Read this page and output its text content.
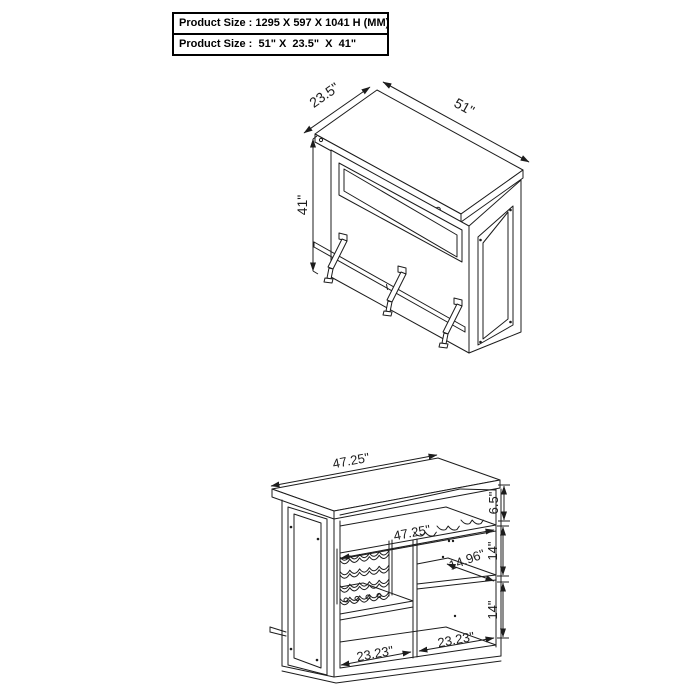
Product Size : 1295 X 597 X 1041 H (MM)
Product Size :  51" X  23.5"  X  41"
23.5"	51"
41"
47.25"
47.25"
6.5"
14"
14.96"
14"
23.23"
23.23"
